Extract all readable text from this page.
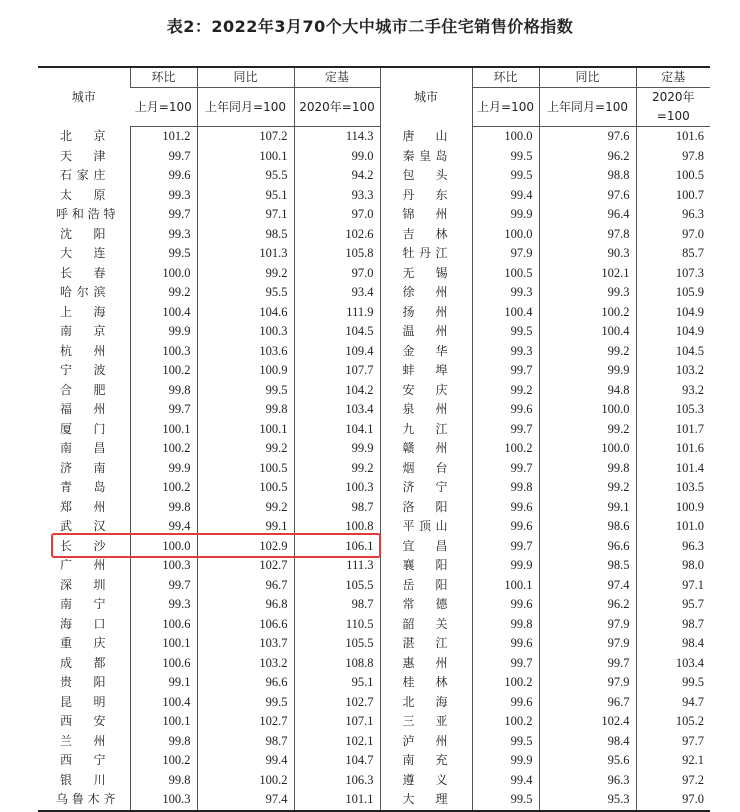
表2：2022年3月70个大中城市二手住宅销售价格指数
城市	环比	同比	定基	城市	环比	同比	定基
	上月=100	上年同月=100	2020年=100		上月=100	上年同月=100	2020年=100

北　京	101.2	107.2	114.3	唐　山	100.0	97.6	101.6

天　津	99.7	100.1	99.0	秦皇岛	99.5	96.2	97.8

石家庄	99.6	95.5	94.2	包　头	99.5	98.8	100.5

太　原	99.3	95.1	93.3	丹　东	99.4	97.6	100.7

呼和浩特	99.7	97.1	97.0	锦　州	99.9	96.4	96.3

沈　阳	99.3	98.5	102.6	吉　林	100.0	97.8	97.0

大　连	99.5	101.3	105.8	牡丹江	97.9	90.3	85.7

长　春	100.0	99.2	97.0	无　锡	100.5	102.1	107.3

哈尔滨	99.2	95.5	93.4	徐　州	99.3	99.3	105.9

上　海	100.4	104.6	111.9	扬　州	100.4	100.2	104.9

南　京	99.9	100.3	104.5	温　州	99.5	100.4	104.9

杭　州	100.3	103.6	109.4	金　华	99.3	99.2	104.5

宁　波	100.2	100.9	107.7	蚌　埠	99.7	99.9	103.2

合　肥	99.8	99.5	104.2	安　庆	99.2	94.8	93.2

福　州	99.7	99.8	103.4	泉　州	99.6	100.0	105.3

厦　门	100.1	100.1	104.1	九　江	99.7	99.2	101.7

南　昌	100.2	99.2	99.9	赣　州	100.2	100.0	101.6

济　南	99.9	100.5	99.2	烟　台	99.7	99.8	101.4

青　岛	100.2	100.5	100.3	济　宁	99.8	99.2	103.5

郑　州	99.8	99.2	98.7	洛　阳	99.6	99.1	100.9

武　汉	99.4	99.1	100.8	平顶山	99.6	98.6	101.0

长　沙	100.0	102.9	106.1	宜　昌	99.7	96.6	96.3

广　州	100.3	102.7	111.3	襄　阳	99.9	98.5	98.0

深　圳	99.7	96.7	105.5	岳　阳	100.1	97.4	97.1

南　宁	99.3	96.8	98.7	常　德	99.6	96.2	95.7

海　口	100.6	106.6	110.5	韶　关	99.8	97.9	98.7

重　庆	100.1	103.7	105.5	湛　江	99.6	97.9	98.4

成　都	100.6	103.2	108.8	惠　州	99.7	99.7	103.4

贵　阳	99.1	96.6	95.1	桂　林	100.2	97.9	99.5

昆　明	100.4	99.5	102.7	北　海	99.6	96.7	94.7

西　安	100.1	102.7	107.1	三　亚	100.2	102.4	105.2

兰　州	99.8	98.7	102.1	泸　州	99.5	98.4	97.7

西　宁	100.2	99.4	104.7	南　充	99.9	95.6	92.1

银　川	99.8	100.2	106.3	遵　义	99.4	96.3	97.2

乌鲁木齐	100.3	97.4	101.1	大　理	99.5	95.3	97.0
